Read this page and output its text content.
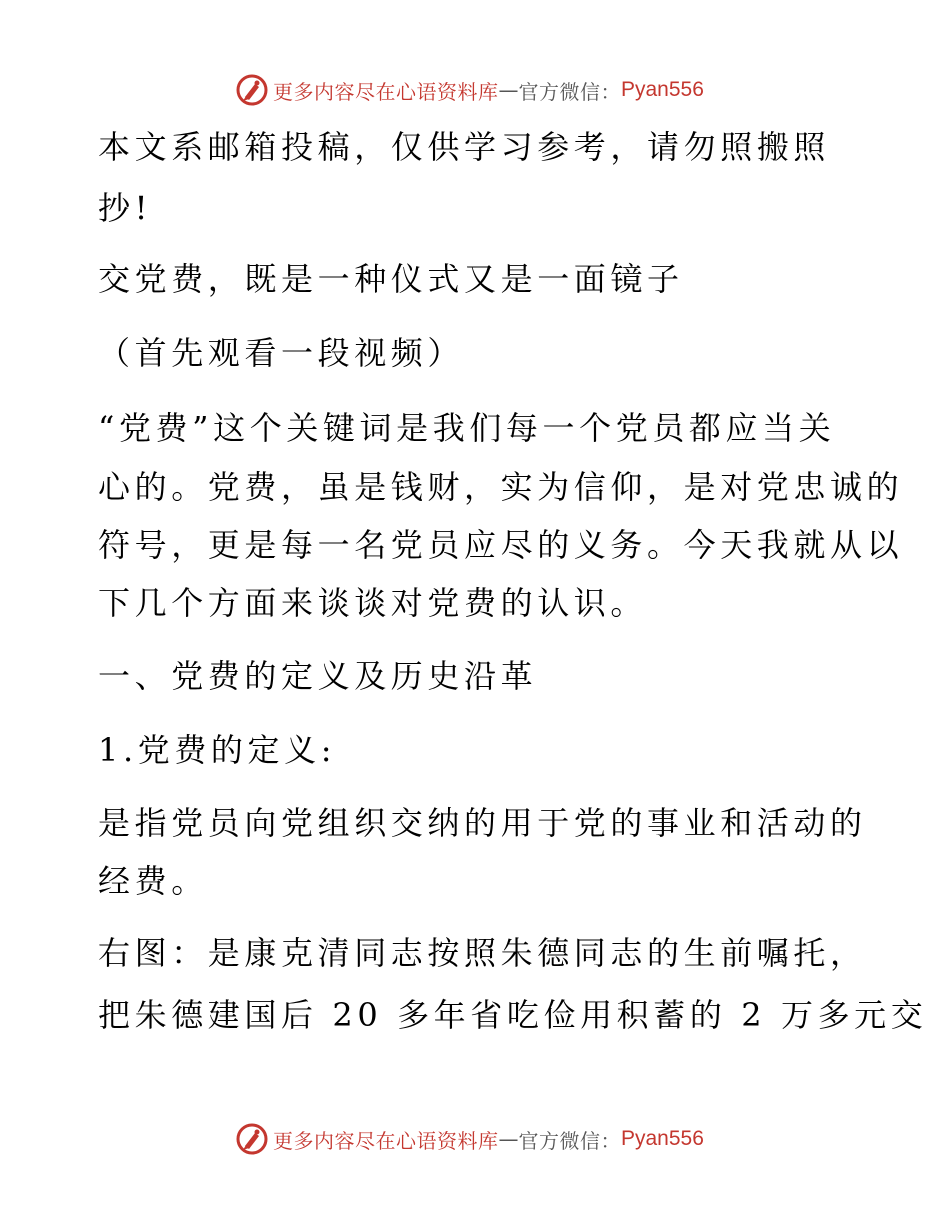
更多内容尽在心语资料库 — 官方微信： Pyan556
本文系邮箱投稿，仅供学习参考，请勿照搬照
抄!
交党费，既是一种仪式又是一面镜子
（首先观看一段视频）
“党费”这个关键词是我们每一个党员都应当关
心的。党费，虽是钱财，实为信仰，是对党忠诚的
符号，更是每一名党员应尽的义务。今天我就从以
下几个方面来谈谈对党费的认识。
一、党费的定义及历史沿革
1.党费的定义:
是指党员向党组织交纳的用于党的事业和活动的
经费。
右图：是康克清同志按照朱德同志的生前嘱托，
把朱德建国后 20 多年省吃俭用积蓄的 2 万多元交
更多内容尽在心语资料库 — 官方微信： Pyan556
